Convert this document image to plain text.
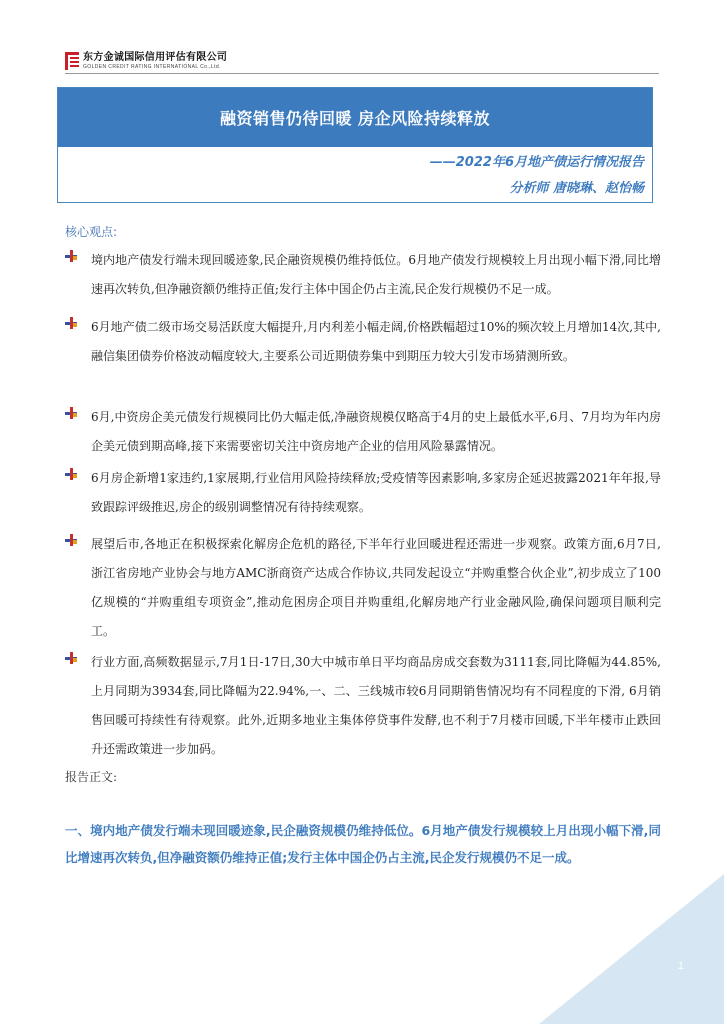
东方金诚国际信用评估有限公司
GOLDEN CREDIT RATING INTERNATIONAL Co.,Ltd.
融资销售仍待回暖 房企风险持续释放
——2022年6月地产债运行情况报告
分析师 唐晓琳、赵怡畅
核心观点:
境内地产债发行端未现回暖迹象,民企融资规模仍维持低位。6月地产债发行规模较上月出现小幅下滑,同比增速再次转负,但净融资额仍维持正值;发行主体中国企仍占主流,民企发行规模仍不足一成。
6月地产债二级市场交易活跃度大幅提升,月内利差小幅走阔,价格跌幅超过10%的频次较上月增加14次,其中,融信集团债券价格波动幅度较大,主要系公司近期债券集中到期压力较大引发市场猜测所致。
6月,中资房企美元债发行规模同比仍大幅走低,净融资规模仅略高于4月的史上最低水平,6月、7月均为年内房企美元债到期高峰,接下来需要密切关注中资房地产企业的信用风险暴露情况。
6月房企新增1家违约,1家展期,行业信用风险持续释放;受疫情等因素影响,多家房企延迟披露2021年年报,导致跟踪评级推迟,房企的级别调整情况有待持续观察。
展望后市,各地正在积极探索化解房企危机的路径,下半年行业回暖进程还需进一步观察。政策方面,6月7日,浙江省房地产业协会与地方AMC浙商资产达成合作协议,共同发起设立“并购重整合伙企业”,初步成立了100亿规模的“并购重组专项资金”,推动危困房企项目并购重组,化解房地产行业金融风险,确保问题项目顺利完工。
行业方面,高频数据显示,7月1日-17日,30大中城市单日平均商品房成交套数为3111套,同比降幅为44.85%,上月同期为3934套,同比降幅为22.94%,一、二、三线城市较6月同期销售情况均有不同程度的下滑, 6月销售回暖可持续性有待观察。此外,近期多地业主集体停贷事件发酵,也不利于7月楼市回暖,下半年楼市止跌回升还需政策进一步加码。
报告正文:
一、境内地产债发行端未现回暖迹象,民企融资规模仍维持低位。6月地产债发行规模较上月出现小幅下滑,同比增速再次转负,但净融资额仍维持正值;发行主体中国企仍占主流,民企发行规模仍不足一成。
1
